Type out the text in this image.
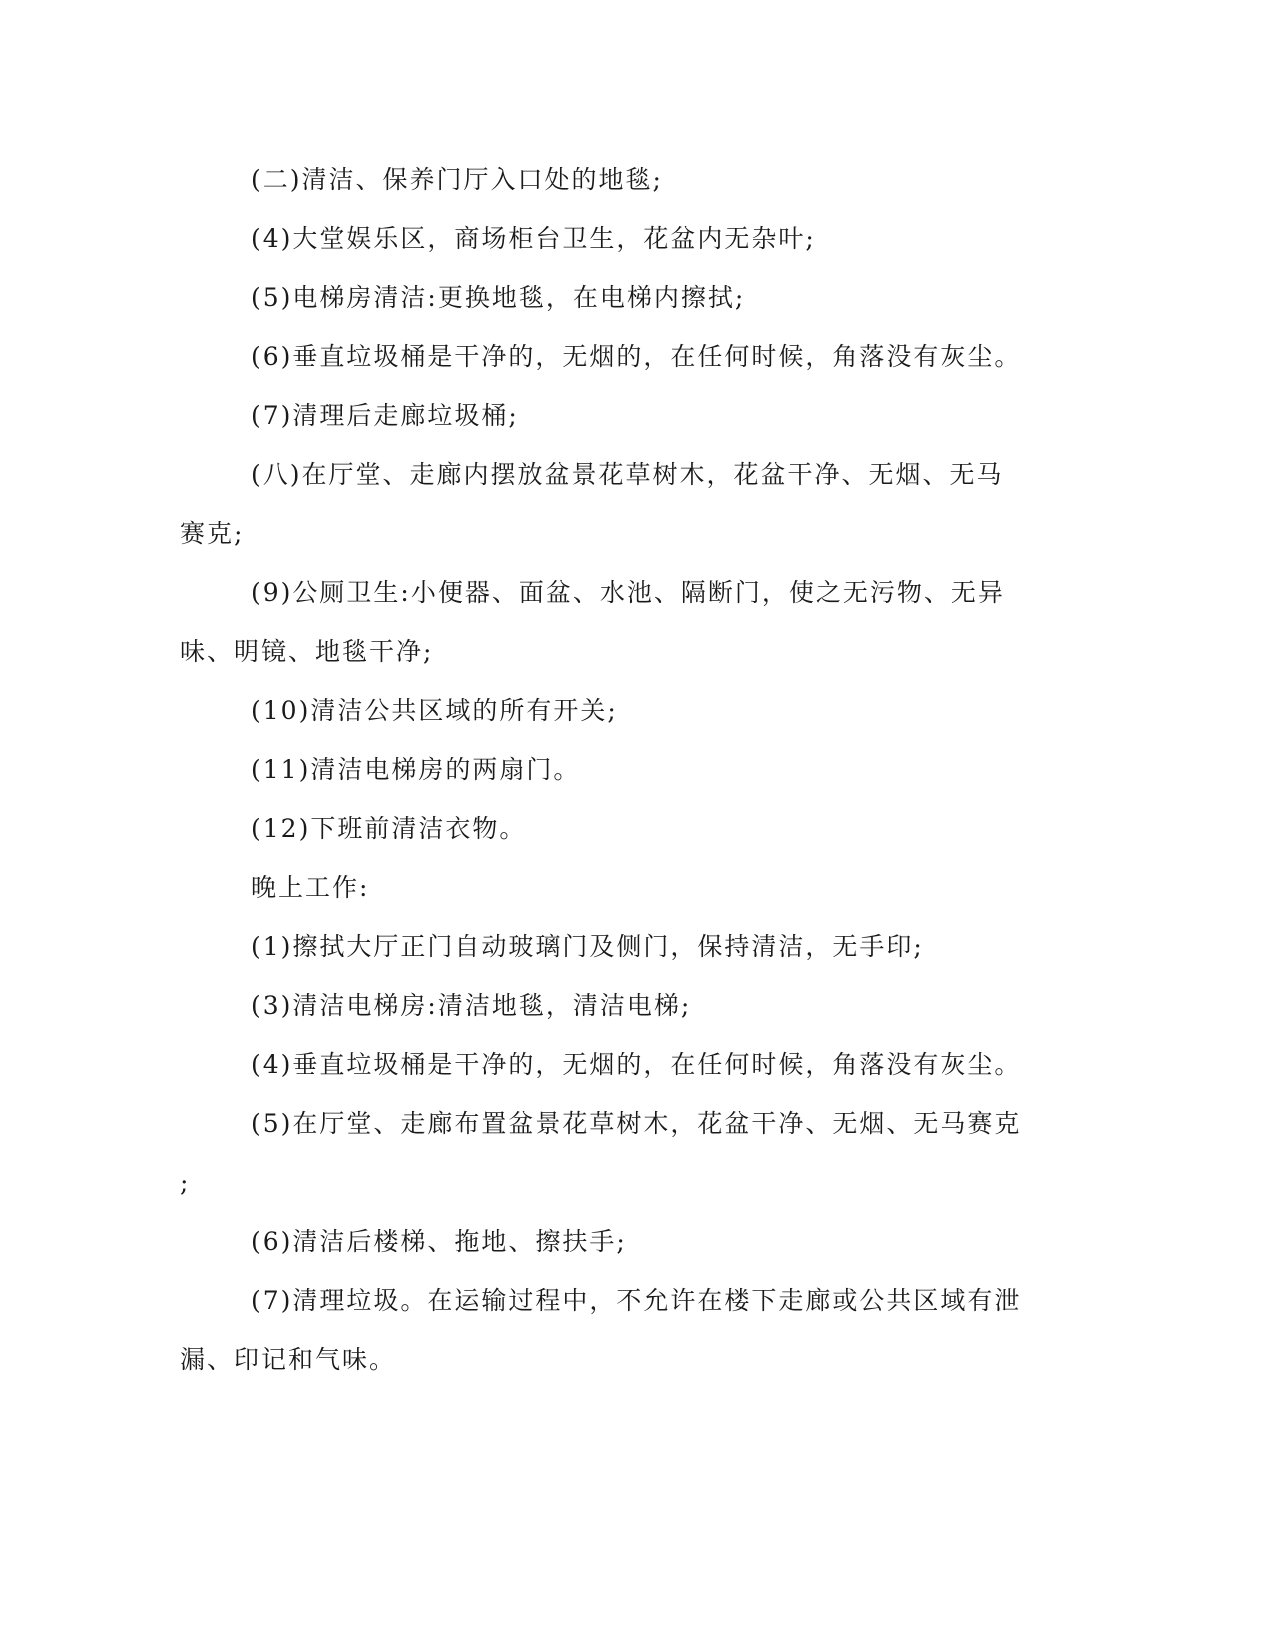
(二)清洁、保养门厅入口处的地毯;
(4)大堂娱乐区，商场柜台卫生，花盆内无杂叶;
(5)电梯房清洁:更换地毯，在电梯内擦拭;
(6)垂直垃圾桶是干净的，无烟的，在任何时候，角落没有灰尘。
(7)清理后走廊垃圾桶;
(八)在厅堂、走廊内摆放盆景花草树木，花盆干净、无烟、无马
赛克;
(9)公厕卫生:小便器、面盆、水池、隔断门，使之无污物、无异
味、明镜、地毯干净;
(10)清洁公共区域的所有开关;
(11)清洁电梯房的两扇门。
(12)下班前清洁衣物。
晚上工作:
(1)擦拭大厅正门自动玻璃门及侧门，保持清洁，无手印;
(3)清洁电梯房:清洁地毯，清洁电梯;
(4)垂直垃圾桶是干净的，无烟的，在任何时候，角落没有灰尘。
(5)在厅堂、走廊布置盆景花草树木，花盆干净、无烟、无马赛克
;
(6)清洁后楼梯、拖地、擦扶手;
(7)清理垃圾。在运输过程中，不允许在楼下走廊或公共区域有泄
漏、印记和气味。
